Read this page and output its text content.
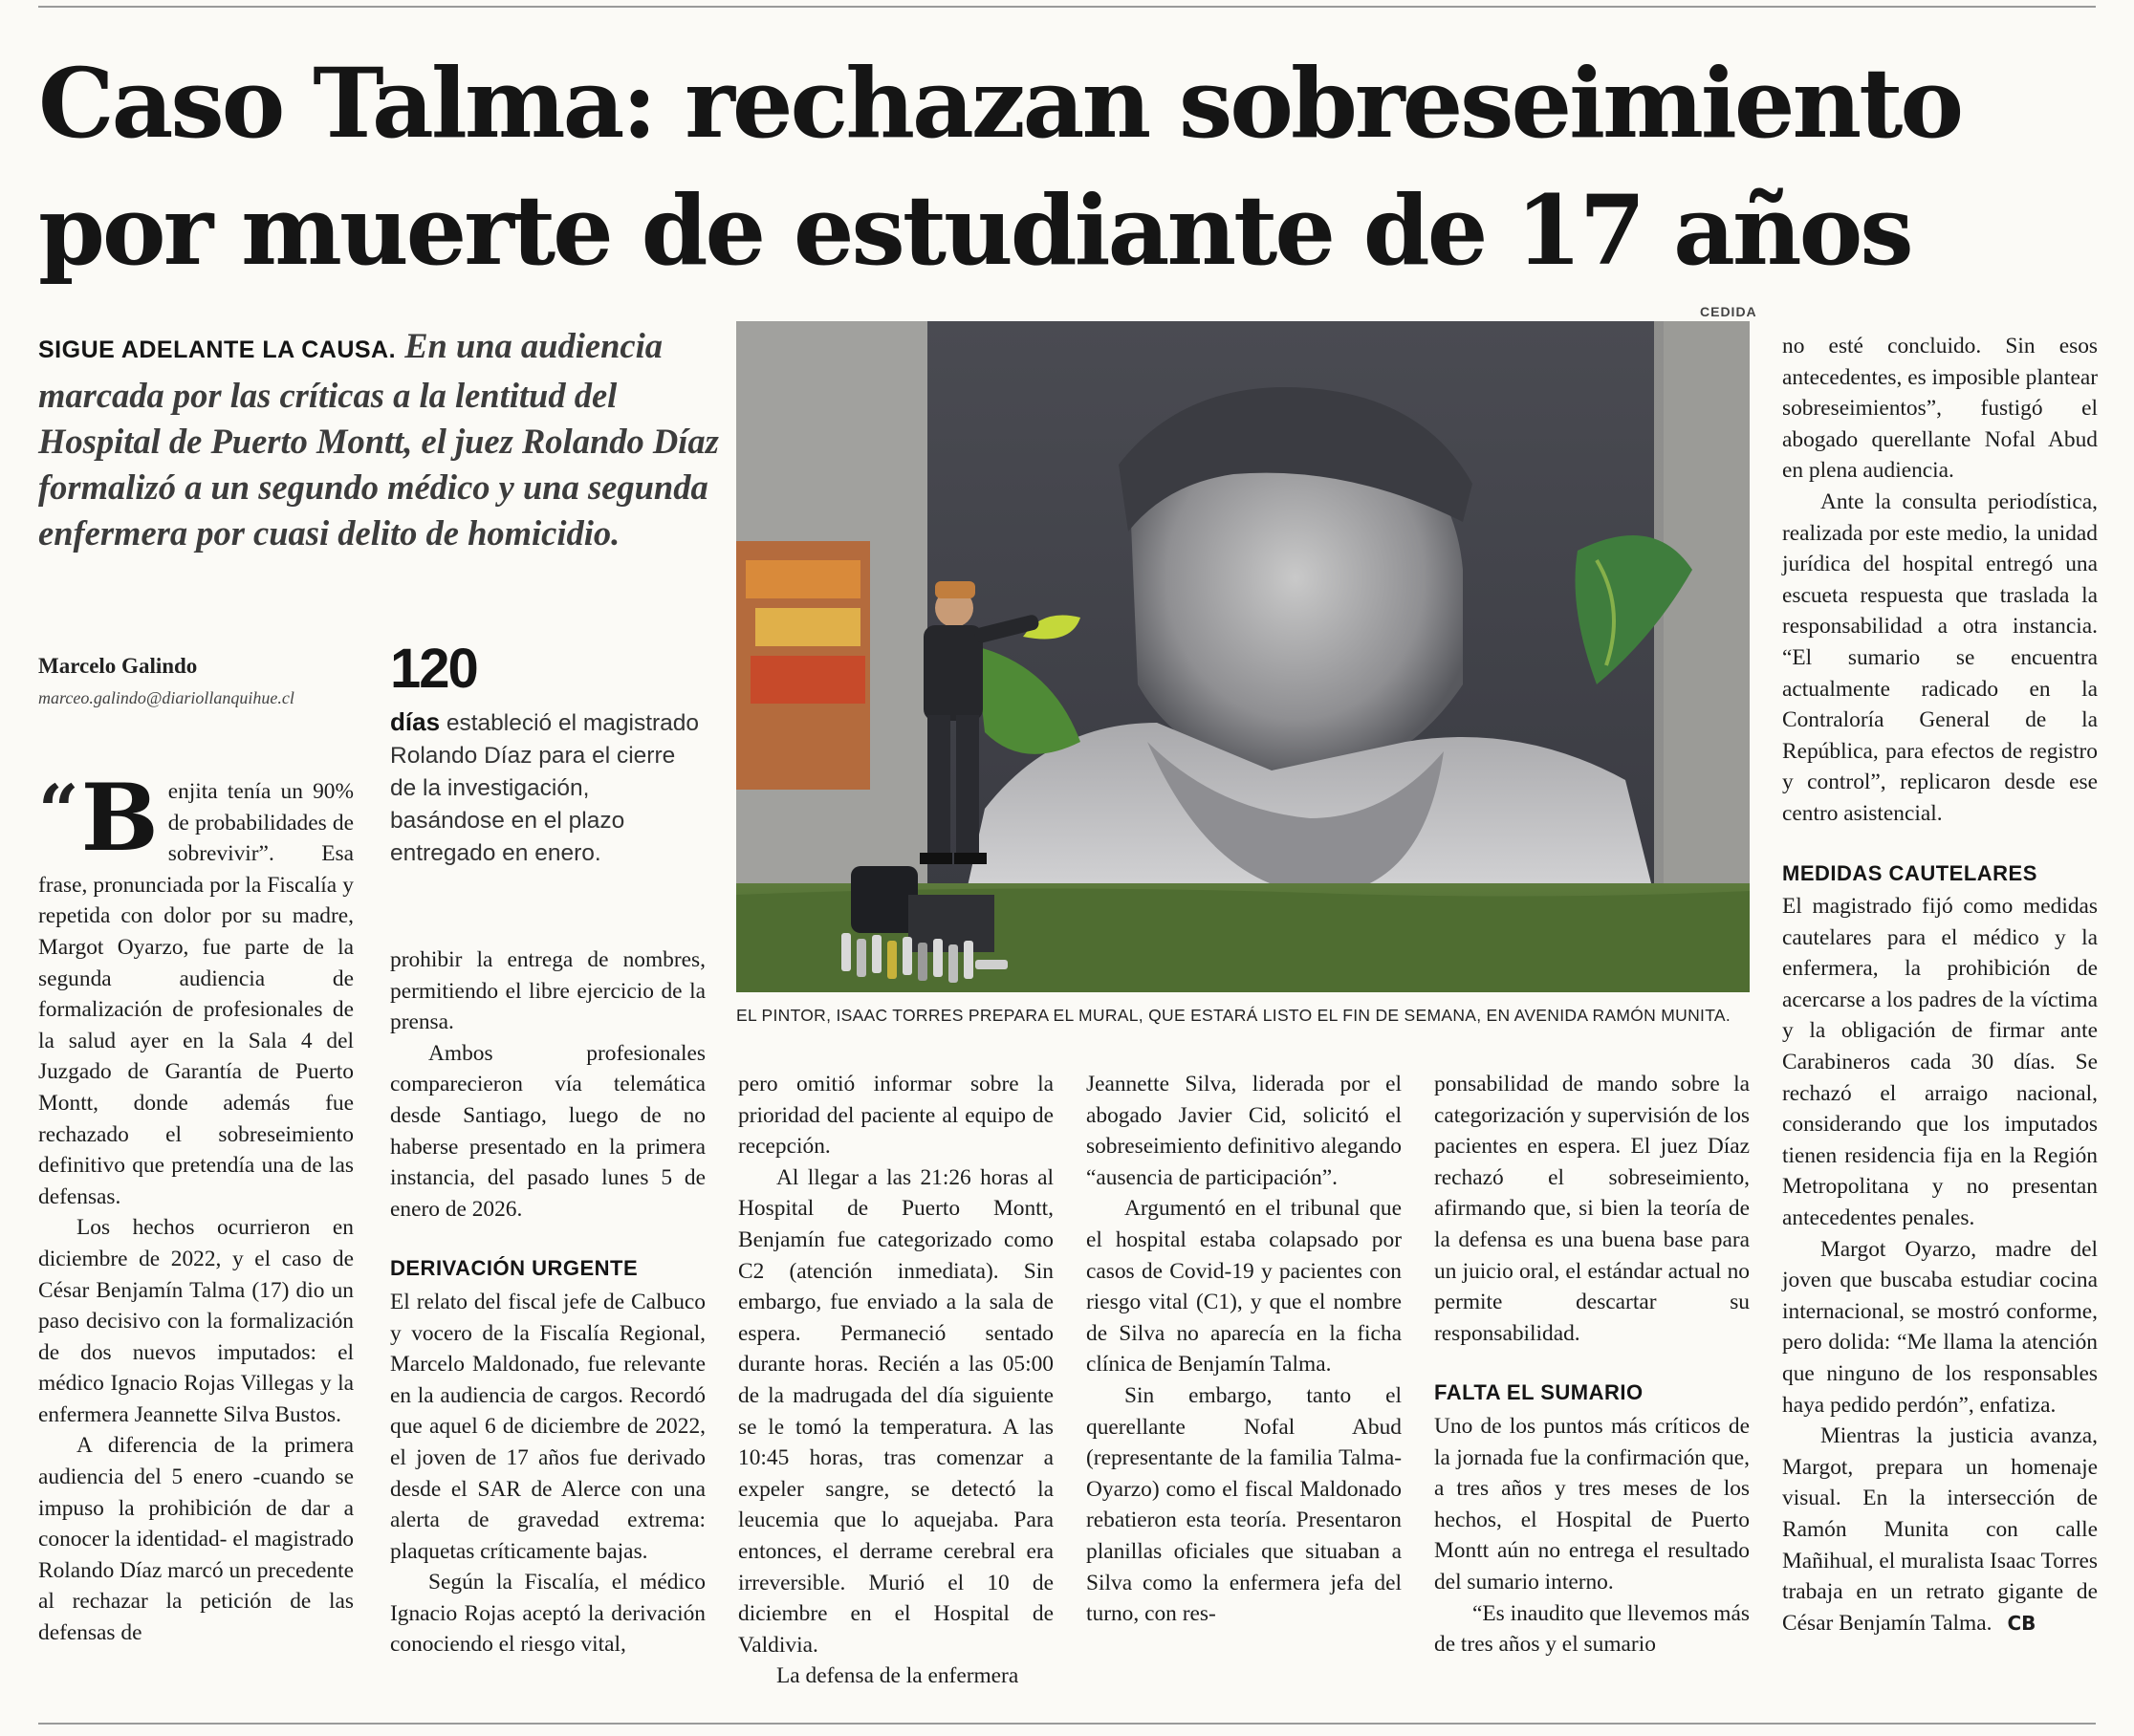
Caso Talma: rechazan sobreseimiento por muerte de estudiante de 17 años
SIGUE ADELANTE LA CAUSA. En una audiencia marcada por las críticas a la lentitud del Hospital de Puerto Montt, el juez Rolando Díaz formalizó a un segundo médico y una segunda enfermera por cuasi delito de homicidio.
Marcelo Galindo
marceo.galindo@diariollanquihue.cl 120

días estableció el magistrado Rolando Díaz para el cierre de la investigación, basándose en el plazo entregado en enero.

“ B enjita tenía un 90% de probabilidades de sobrevivir”. Esa frase, pronunciada por la Fiscalía y repetida con dolor por su madre, Margot Oyarzo, fue parte de la segunda audiencia de formalización de profesionales de la salud ayer en la Sala 4 del Juzgado de Garantía de Puerto Montt, donde además fue rechazado el sobreseimiento definitivo que pretendía una de las defensas.

Los hechos ocurrieron en diciembre de 2022, y el caso de César Benjamín Talma (17) dio un paso decisivo con la formalización de dos nuevos imputados: el médico Ignacio Rojas Villegas y la enfermera Jeannette Silva Bustos.

A diferencia de la primera audiencia del 5 enero -cuando se impuso la prohibición de dar a conocer la identidad- el magistrado Rolando Díaz marcó un precedente al rechazar la petición de las defensas de

prohibir la entrega de nombres, permitiendo el libre ejercicio de la prensa.

Ambos profesionales comparecieron vía telemática desde Santiago, luego de no haberse presentado en la primera instancia, del pasado lunes 5 de enero de 2026.

DERIVACIÓN URGENTE

El relato del fiscal jefe de Calbuco y vocero de la Fiscalía Regional, Marcelo Maldonado, fue relevante en la audiencia de cargos. Recordó que aquel 6 de diciembre de 2022, el joven de 17 años fue derivado desde el SAR de Alerce con una alerta de gravedad extrema: plaquetas críticamente bajas.

Según la Fiscalía, el médico Ignacio Rojas aceptó la derivación conociendo el riesgo vital,

CEDIDA
EL PINTOR, ISAAC TORRES PREPARA EL MURAL, QUE ESTARÁ LISTO EL FIN DE SEMANA, EN AVENIDA RAMÓN MUNITA.

pero omitió informar sobre la prioridad del paciente al equipo de recepción.

Al llegar a las 21:26 horas al Hospital de Puerto Montt, Benjamín fue categorizado como C2 (atención inmediata). Sin embargo, fue enviado a la sala de espera. Permaneció sentado durante horas. Recién a las 05:00 de la madrugada del día siguiente se le tomó la temperatura. A las 10:45 horas, tras comenzar a expeler sangre, se detectó la leucemia que lo aquejaba. Para entonces, el derrame cerebral era irreversible. Murió el 10 de diciembre en el Hospital de Valdivia.

La defensa de la enfermera

Jeannette Silva, liderada por el abogado Javier Cid, solicitó el sobreseimiento definitivo alegando “ausencia de participación”.

Argumentó en el tribunal que el hospital estaba colapsado por casos de Covid-19 y pacientes con riesgo vital (C1), y que el nombre de Silva no aparecía en la ficha clínica de Benjamín Talma.

Sin embargo, tanto el querellante Nofal Abud (representante de la familia Talma-Oyarzo) como el fiscal Maldonado rebatieron esta teoría. Presentaron planillas oficiales que situaban a Silva como la enfermera jefa del turno, con res-

ponsabilidad de mando sobre la categorización y supervisión de los pacientes en espera. El juez Díaz rechazó el sobreseimiento, afirmando que, si bien la teoría de la defensa es una buena base para un juicio oral, el estándar actual no permite descartar su responsabilidad.

FALTA EL SUMARIO

Uno de los puntos más críticos de la jornada fue la confirmación que, a tres años y tres meses de los hechos, el Hospital de Puerto Montt aún no entrega el resultado del sumario interno.

“Es inaudito que llevemos más de tres años y el sumario

no esté concluido. Sin esos antecedentes, es imposible plantear sobreseimientos”, fustigó el abogado querellante Nofal Abud en plena audiencia.

Ante la consulta periodística, realizada por este medio, la unidad jurídica del hospital entregó una escueta respuesta que traslada la responsabilidad a otra instancia. “El sumario se encuentra actualmente radicado en la Contraloría General de la República, para efectos de registro y control”, replicaron desde ese centro asistencial.

MEDIDAS CAUTELARES

El magistrado fijó como medidas cautelares para el médico y la enfermera, la prohibición de acercarse a los padres de la víctima y la obligación de firmar ante Carabineros cada 30 días. Se rechazó el arraigo nacional, considerando que los imputados tienen residencia fija en la Región Metropolitana y no presentan antecedentes penales.

Margot Oyarzo, madre del joven que buscaba estudiar cocina internacional, se mostró conforme, pero dolida: “Me llama la atención que ninguno de los responsables haya pedido perdón”, enfatiza.

Mientras la justicia avanza, Margot, prepara un homenaje visual. En la intersección de Ramón Munita con calle Mañihual, el muralista Isaac Torres trabaja en un retrato gigante de César Benjamín Talma. CB
